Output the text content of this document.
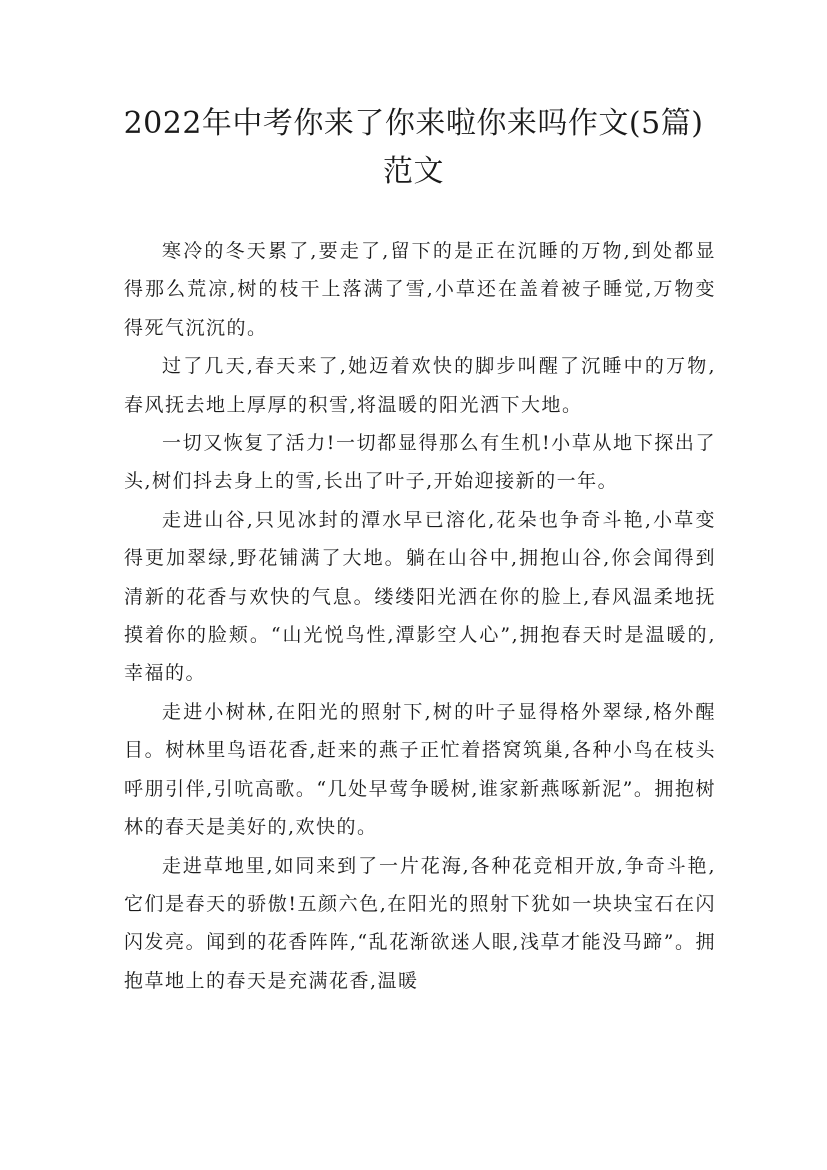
2022年中考你来了你来啦你来吗作文(5篇)
范文

寒冷的冬天累了,要走了,留下的是正在沉睡的万物,到处都显得那么荒凉,树的枝干上落满了雪,小草还在盖着被子睡觉,万物变得死气沉沉的。

过了几天,春天来了,她迈着欢快的脚步叫醒了沉睡中的万物,春风抚去地上厚厚的积雪,将温暖的阳光洒下大地。

一切又恢复了活力!一切都显得那么有生机!小草从地下探出了头,树们抖去身上的雪,长出了叶子,开始迎接新的一年。

走进山谷,只见冰封的潭水早已溶化,花朵也争奇斗艳,小草变得更加翠绿,野花铺满了大地。躺在山谷中,拥抱山谷,你会闻得到清新的花香与欢快的气息。缕缕阳光洒在你的脸上,春风温柔地抚摸着你的脸颊。“山光悦鸟性,潭影空人心”,拥抱春天时是温暖的,幸福的。

走进小树林,在阳光的照射下,树的叶子显得格外翠绿,格外醒目。树林里鸟语花香,赶来的燕子正忙着搭窝筑巢,各种小鸟在枝头呼朋引伴,引吭高歌。“几处早莺争暖树,谁家新燕啄新泥”。拥抱树林的春天是美好的,欢快的。

走进草地里,如同来到了一片花海,各种花竞相开放,争奇斗艳,它们是春天的骄傲!五颜六色,在阳光的照射下犹如一块块宝石在闪闪发亮。闻到的花香阵阵,“乱花渐欲迷人眼,浅草才能没马蹄”。拥抱草地上的春天是充满花香,温暖
